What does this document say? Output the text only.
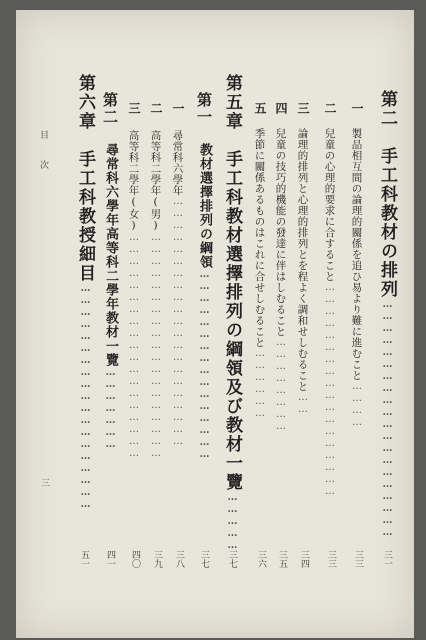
第二　手工科教材の排列……………………………………………………
三一
一
製品相互間の論理的關係を追ひ易より難に進むこと…………
三三
二
兒童の心理的要求に合すること………………………………………………
三三
三
論理的排列と心理的排列とを程よく調和せしむること……
三四
四
兒童の技巧的機能の發達に伴はしむること……………………
三五
五
季節に關係あるものはこれに合せしむること………………
三六
第五章　手工科教材選擇排列の綱領及び教材一覽……………
三七
第一　教材選擇排列の綱領…………………………………………
三七
一
尋常科六學年………………………………………………………
三八
二
高等科二學年(男)…………………………………………………
三九
三
高等科二學年(女)…………………………………………………
四〇
第二　尋常科六學年高等科二學年教材一覽…………………
四一
第六章　手工科教授細目…………………………………………………
五一
目　次
三
